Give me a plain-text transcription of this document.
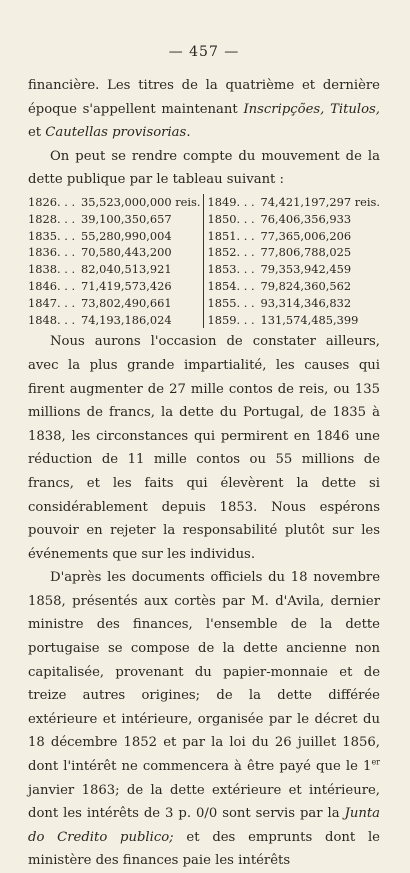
— 457 —

financière. Les titres de la quatrième et dernière époque s'appellent maintenant Inscripções, Titulos, et Cautellas provisorias.

On peut se rendre compte du mouvement de la dette publique par le tableau suivant :

1826. . .	35,523,000,000 reis.		1849. . .	74,421,197,297 reis.
1828. . .	39,100,350,657		1850. . .	76,406,356,933
1835. . .	55,280,990,004		1851. . .	77,365,006,206
1836. . .	70,580,443,200		1852. . .	77,806,788,025
1838. . .	82,040,513,921		1853. . .	79,353,942,459
1846. . .	71,419,573,426		1854. . .	79,824,360,562
1847. . .	73,802,490,661		1855. . .	93,314,346,832
1848. . .	74,193,186,024		1859. . .	131,574,485,399

Nous aurons l'occasion de constater ailleurs, avec la plus grande impartialité, les causes qui firent augmenter de 27 mille contos de reis, ou 135 millions de francs, la dette du Portugal, de 1835 à 1838, les circonstances qui permirent en 1846 une réduction de 11 mille contos ou 55 millions de francs, et les faits qui élevèrent la dette si considérablement depuis 1853. Nous espérons pouvoir en rejeter la responsabilité plutôt sur les événements que sur les individus.

D'après les documents officiels du 18 novembre 1858, présentés aux cortès par M. d'Avila, dernier ministre des finances, l'ensemble de la dette portugaise se compose de la dette ancienne non capitalisée, provenant du papier-monnaie et de treize autres origines; de la dette différée extérieure et intérieure, organisée par le décret du 18 décembre 1852 et par la loi du 26 juillet 1856, dont l'intérêt ne commencera à être payé que le 1er janvier 1863; de la dette extérieure et intérieure, dont les intérêts de 3 p. 0/0 sont servis par la Junta do Credito publico; et des emprunts dont le ministère des finances paie les intérêts
